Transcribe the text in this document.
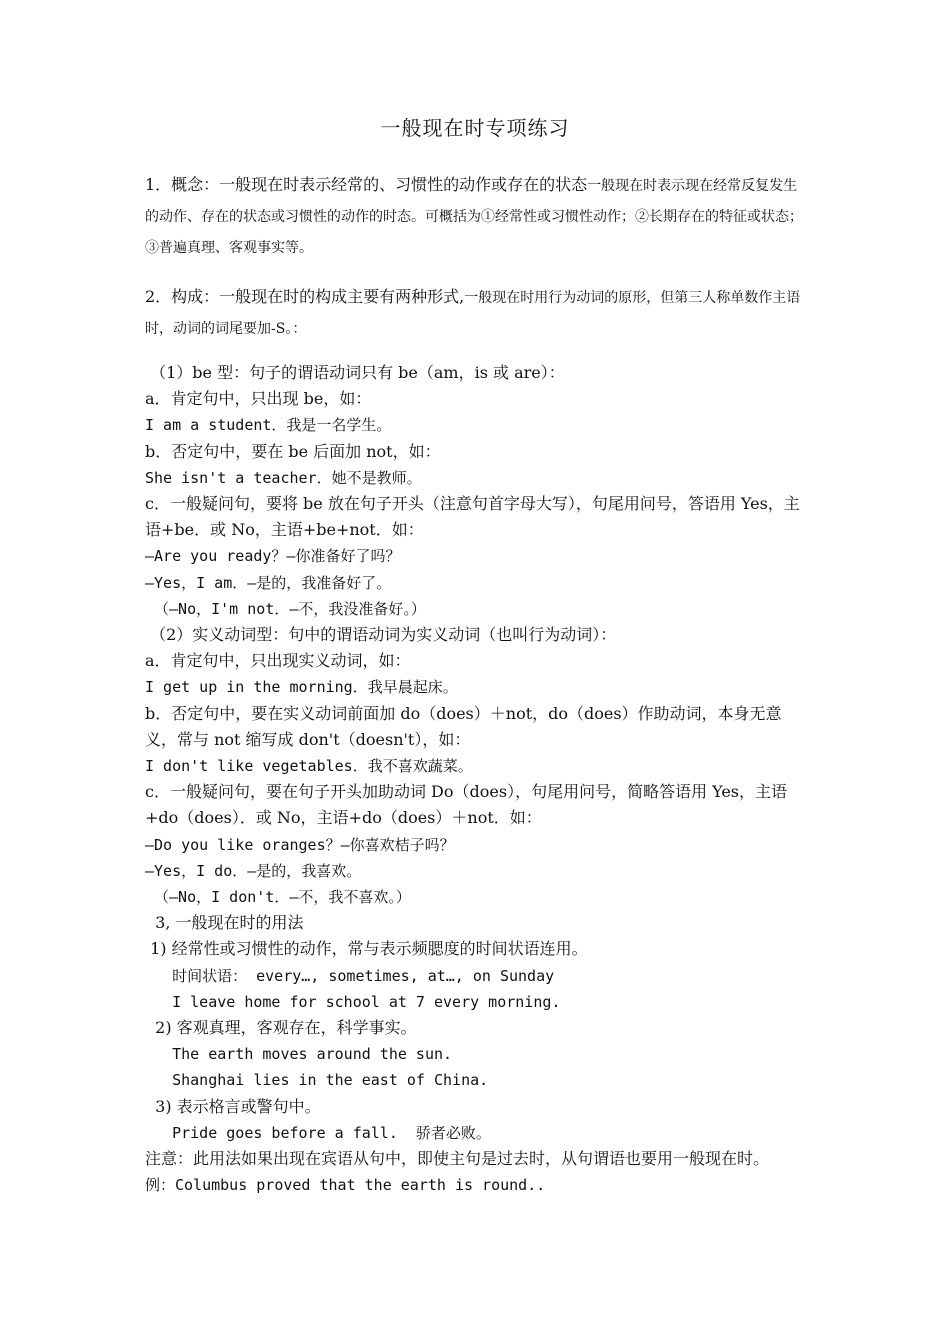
一般现在时专项练习
1．概念：一般现在时表示经常的、习惯性的动作或存在的状态一般现在时表示现在经常反复发生的动作、存在的状态或习惯性的动作的时态。可概括为①经常性或习惯性动作；②长期存在的特征或状态；③普遍真理、客观事实等。
2．构成：一般现在时的构成主要有两种形式,一般现在时用行为动词的原形，但第三人称单数作主语时，动词的词尾要加-S。：
（1）be 型：句子的谓语动词只有 be（am，is 或 are）：
a．肯定句中，只出现 be，如：
I am a student．我是一名学生。
b．否定句中，要在 be 后面加 not，如：
She isn't a teacher．她不是教师。
c．一般疑问句，要将 be 放在句子开头（注意句首字母大写），句尾用问号，答语用 Yes，主语+be．或 No，主语+be+not．如：
—Are you ready？—你准备好了吗？
—Yes，I am．—是的，我准备好了。
（—No，I'm not．—不，我没准备好。）
（2）实义动词型：句中的谓语动词为实义动词（也叫行为动词）：
a．肯定句中，只出现实义动词，如：
I get up in the morning．我早晨起床。
b．否定句中，要在实义动词前面加 do（does）＋not，do（does）作助动词，本身无意义，常与 not 缩写成 don't（doesn't），如：
I don't like vegetables．我不喜欢蔬菜。
c．一般疑问句，要在句子开头加助动词 Do（does），句尾用问号，简略答语用 Yes，主语+do（does）．或 No，主语+do（does）＋not．如：
—Do you like oranges？—你喜欢桔子吗？
—Yes，I do．—是的，我喜欢。
（—No，I don't．—不，我不喜欢。）
3, 一般现在时的用法
1) 经常性或习惯性的动作，常与表示频腮度的时间状语连用。
时间状语： every…, sometimes, at…, on Sunday
I leave home for school at 7 every morning.
2) 客观真理，客观存在，科学事实。
The earth moves around the sun.
Shanghai lies in the east of China.
3) 表示格言或警句中。
Pride goes before a fall.  骄者必败。
注意：此用法如果出现在宾语从句中，即使主句是过去时，从句谓语也要用一般现在时。
例：Columbus proved that the earth is round..
